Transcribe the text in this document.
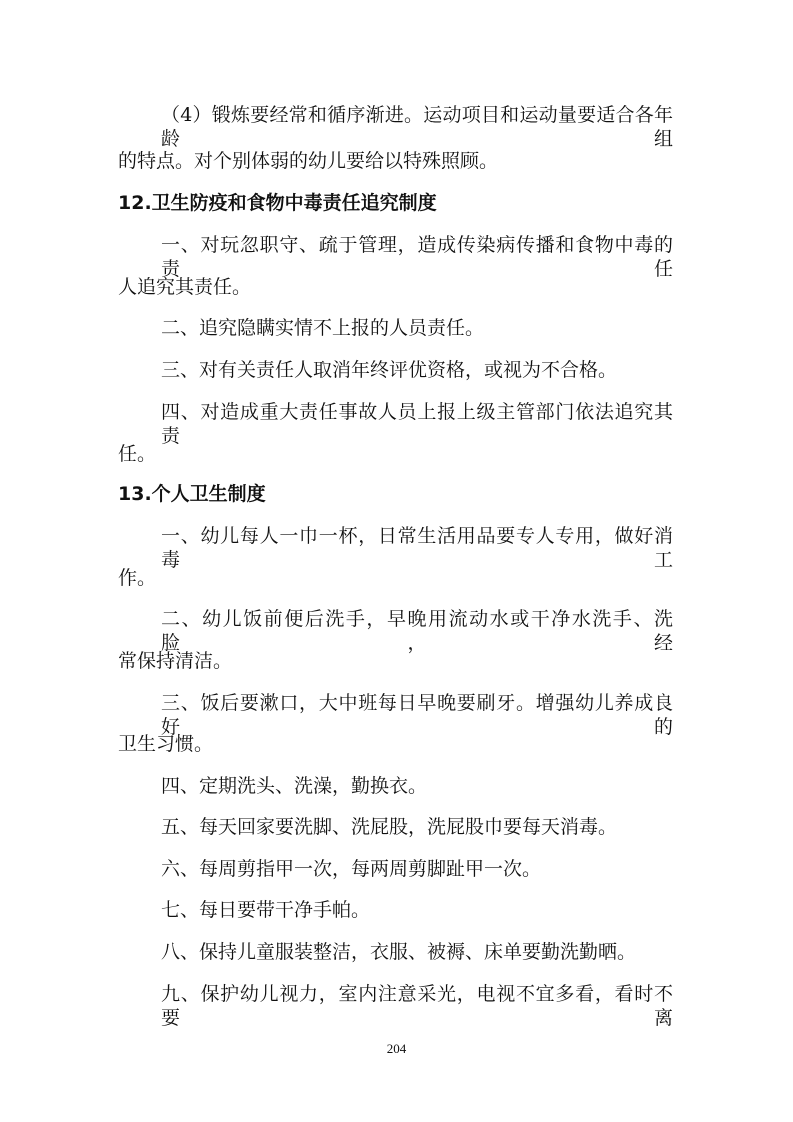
（4）锻炼要经常和循序渐进。运动项目和运动量要适合各年龄组
的特点。对个别体弱的幼儿要给以特殊照顾。
12.卫生防疫和食物中毒责任追究制度
一、对玩忽职守、疏于管理，造成传染病传播和食物中毒的责任
人追究其责任。
二、追究隐瞒实情不上报的人员责任。
三、对有关责任人取消年终评优资格，或视为不合格。
四、对造成重大责任事故人员上报上级主管部门依法追究其责
任。
13.个人卫生制度
一、幼儿每人一巾一杯，日常生活用品要专人专用，做好消毒工
作。
二、幼儿饭前便后洗手，早晚用流动水或干净水洗手、洗脸，经
常保持清洁。
三、饭后要漱口，大中班每日早晚要刷牙。增强幼儿养成良好的
卫生习惯。
四、定期洗头、洗澡，勤换衣。
五、每天回家要洗脚、洗屁股，洗屁股巾要每天消毒。
六、每周剪指甲一次，每两周剪脚趾甲一次。
七、每日要带干净手帕。
八、保持儿童服装整洁，衣服、被褥、床单要勤洗勤晒。
九、保护幼儿视力，室内注意采光，电视不宜多看，看时不要离
204
